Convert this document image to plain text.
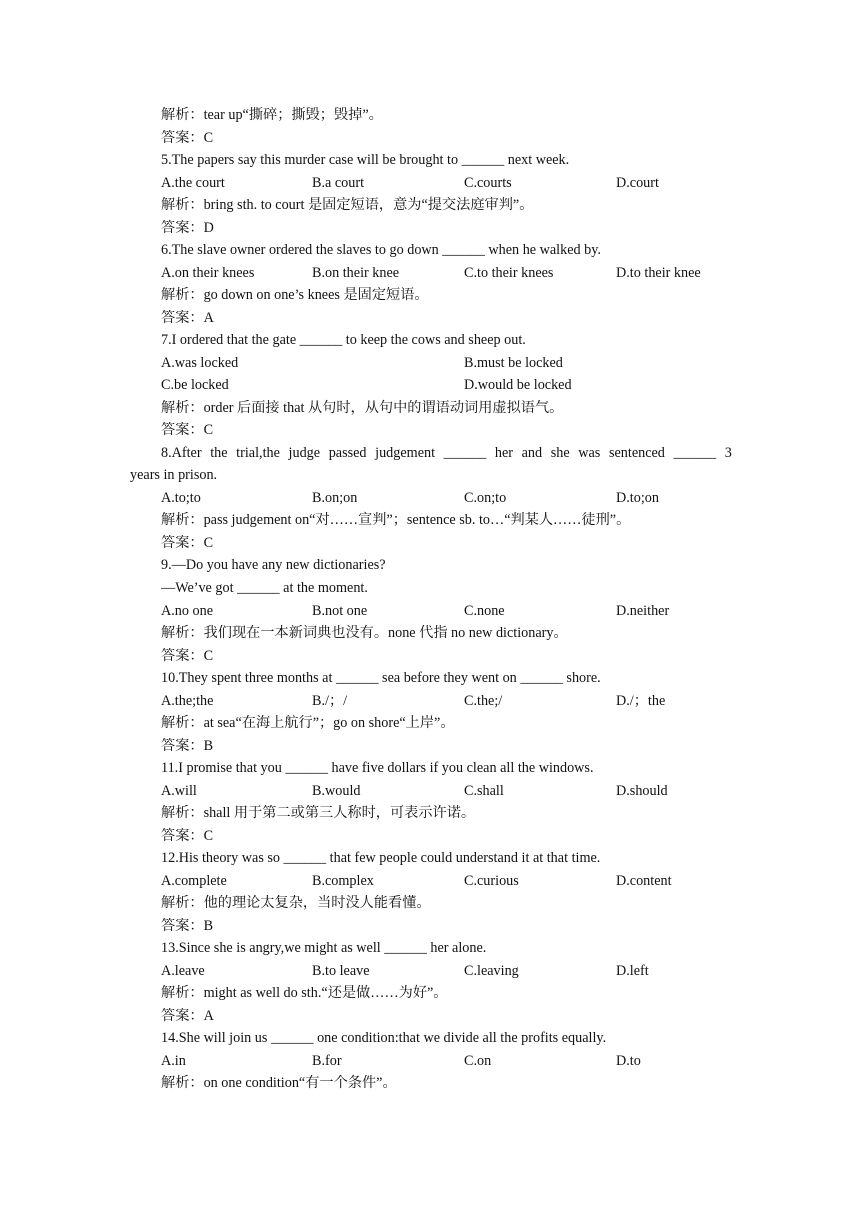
解析：tear up“撕碎；撕毁；毁掉”。
答案：C
5.The papers say this murder case will be brought to ______ next week.
A.the court	B.a court	C.courts	D.court
解析：bring sth. to court 是固定短语，意为“提交法庭审判”。
答案：D
6.The slave owner ordered the slaves to go down ______ when he walked by.
A.on their knees	B.on their knee	C.to their knees	D.to their knee
解析：go down on one’s knees 是固定短语。
答案：A
7.I ordered that the gate ______ to keep the cows and sheep out.
A.was locked	B.must be locked
C.be locked	D.would be locked
解析：order 后面接 that 从句时，从句中的谓语动词用虚拟语气。
答案：C
8.After the trial,the judge passed judgement ______ her and she was sentenced ______ 3
years in prison.
A.to;to	B.on;on	C.on;to	D.to;on
解析：pass judgement on“对……宣判”；sentence sb. to…“判某人……徒刑”。
答案：C
9.—Do you have any new dictionaries?
—We’ve got ______ at the moment.
A.no one	B.not one	C.none	D.neither
解析：我们现在一本新词典也没有。none 代指 no new dictionary。
答案：C
10.They spent three months at ______ sea before they went on ______ shore.
A.the;the	B./；/	C.the;/	D./；the
解析：at sea“在海上航行”；go on shore“上岸”。
答案：B
11.I promise that you ______ have five dollars if you clean all the windows.
A.will	B.would	C.shall	D.should
解析：shall 用于第二或第三人称时，可表示许诺。
答案：C
12.His theory was so ______ that few people could understand it at that time.
A.complete	B.complex	C.curious	D.content
解析：他的理论太复杂，当时没人能看懂。
答案：B
13.Since she is angry,we might as well ______ her alone.
A.leave	B.to leave	C.leaving	D.left
解析：might as well do sth.“还是做……为好”。
答案：A
14.She will join us ______ one condition:that we divide all the profits equally.
A.in	B.for	C.on	D.to
解析：on one condition“有一个条件”。
